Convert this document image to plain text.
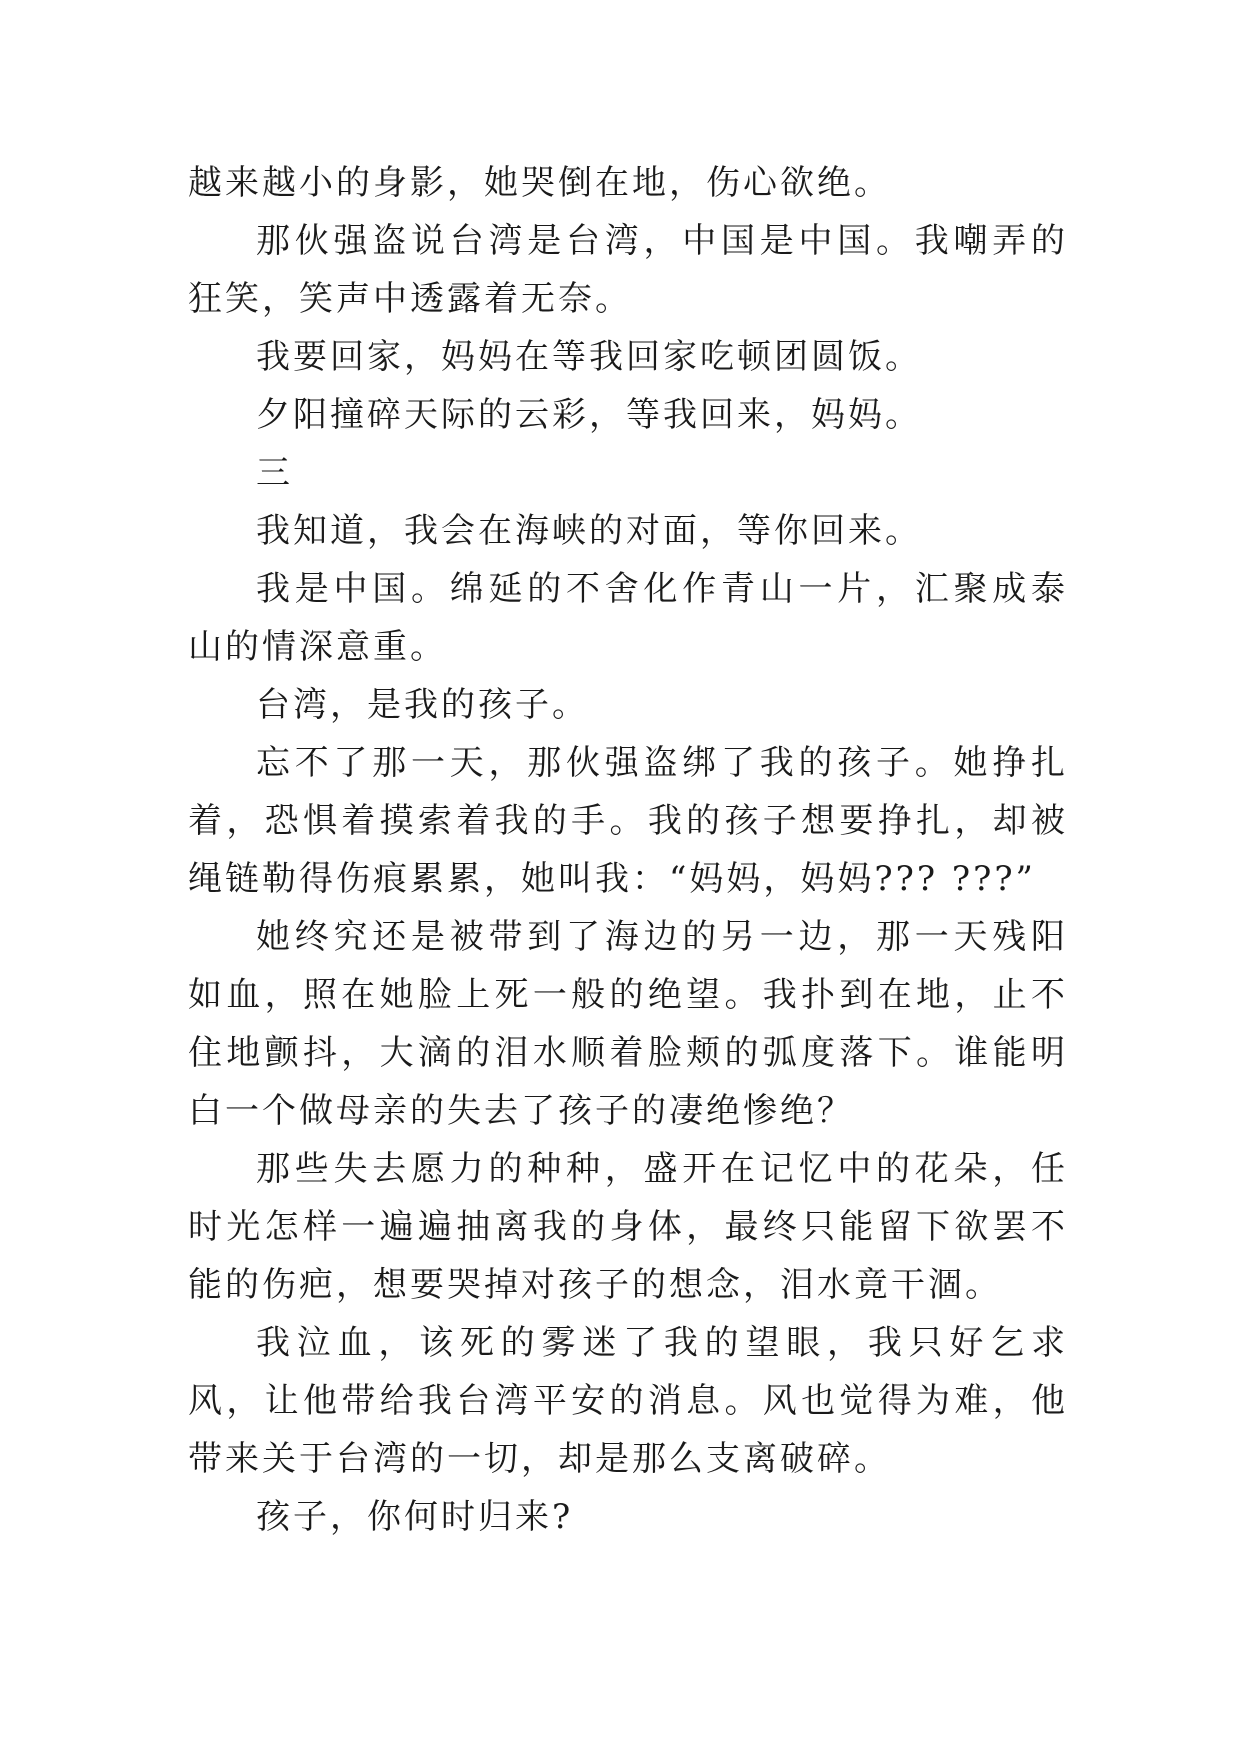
越来越小的身影，她哭倒在地，伤心欲绝。

那伙强盗说台湾是台湾，中国是中国。我嘲弄的狂笑，笑声中透露着无奈。

我要回家，妈妈在等我回家吃顿团圆饭。

夕阳撞碎天际的云彩，等我回来，妈妈。

三

我知道，我会在海峡的对面，等你回来。

我是中国。绵延的不舍化作青山一片，汇聚成泰山的情深意重。

台湾，是我的孩子。

忘不了那一天，那伙强盗绑了我的孩子。她挣扎着，恐惧着摸索着我的手。我的孩子想要挣扎，却被绳链勒得伤痕累累，她叫我：“妈妈，妈妈??? ???”

她终究还是被带到了海边的另一边，那一天残阳如血，照在她脸上死一般的绝望。我扑到在地，止不住地颤抖，大滴的泪水顺着脸颊的弧度落下。谁能明白一个做母亲的失去了孩子的凄绝惨绝？

那些失去愿力的种种，盛开在记忆中的花朵，任时光怎样一遍遍抽离我的身体，最终只能留下欲罢不能的伤疤，想要哭掉对孩子的想念，泪水竟干涸。

我泣血，该死的雾迷了我的望眼，我只好乞求风，让他带给我台湾平安的消息。风也觉得为难，他带来关于台湾的一切，却是那么支离破碎。

孩子，你何时归来?
